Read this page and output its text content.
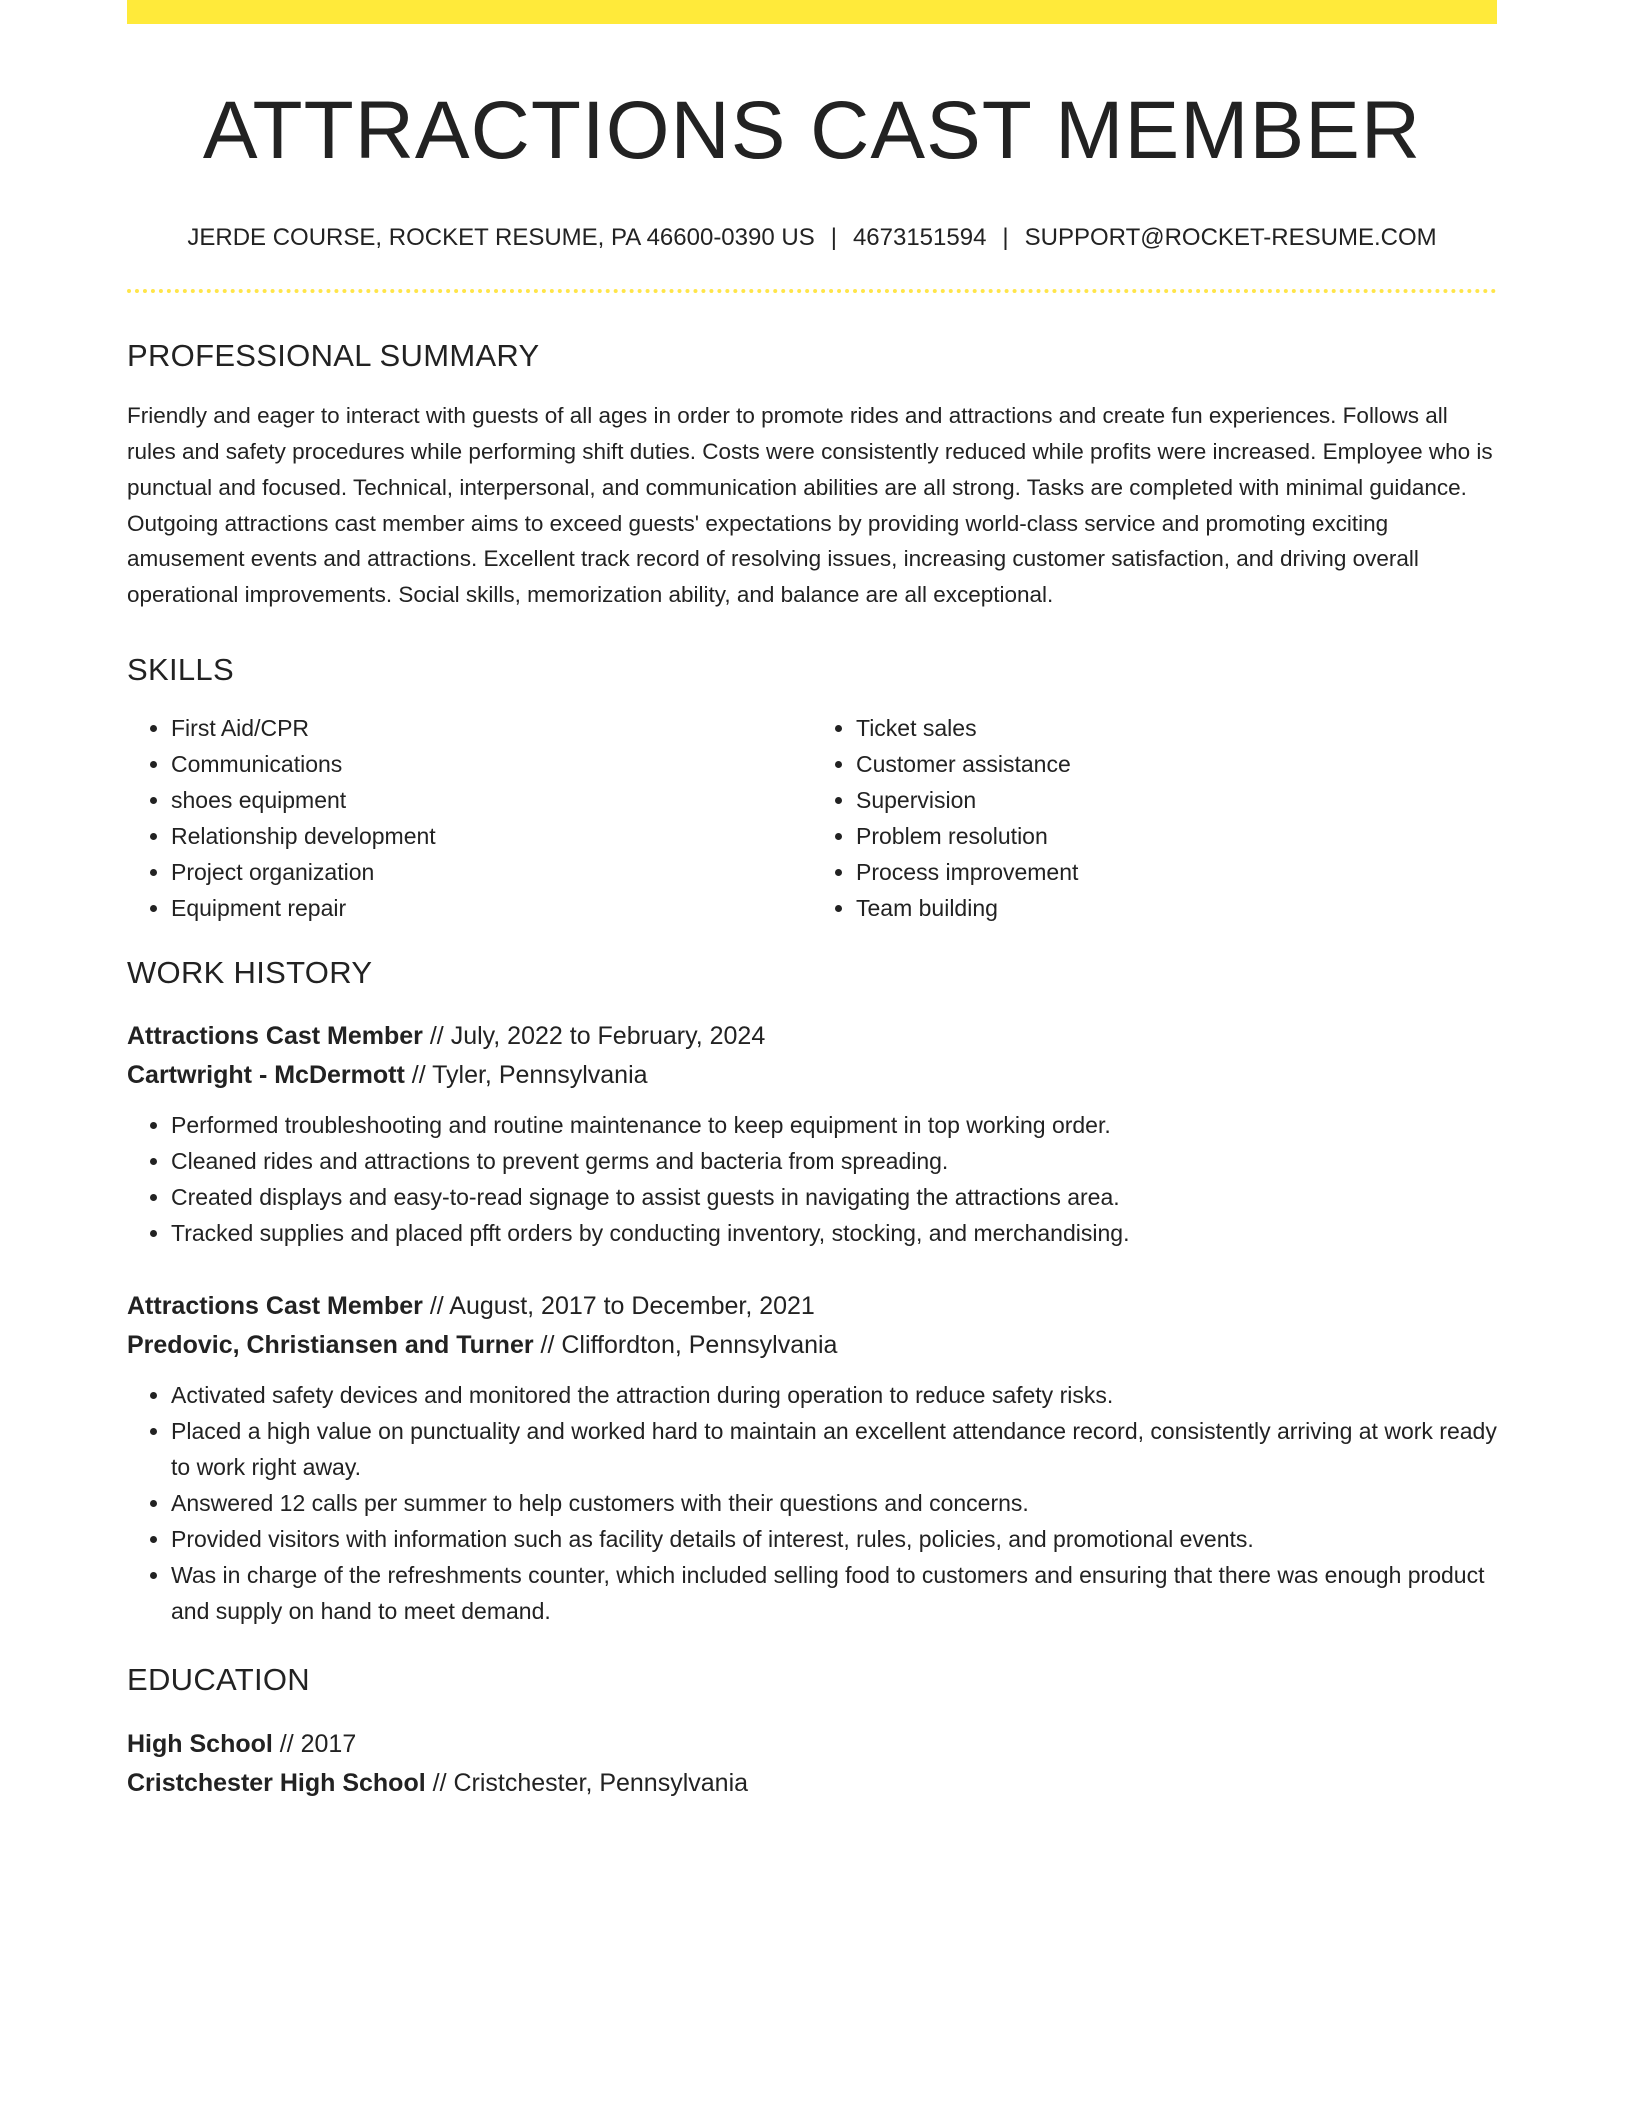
ATTRACTIONS CAST MEMBER
JERDE COURSE, ROCKET RESUME, PA 46600-0390 US | 4673151594 | SUPPORT@ROCKET-RESUME.COM
PROFESSIONAL SUMMARY

Friendly and eager to interact with guests of all ages in order to promote rides and attractions and create fun experiences. Follows all rules and safety procedures while performing shift duties. Costs were consistently reduced while profits were increased. Employee who is punctual and focused. Technical, interpersonal, and communication abilities are all strong. Tasks are completed with minimal guidance. Outgoing attractions cast member aims to exceed guests' expectations by providing world-class service and promoting exciting amusement events and attractions. Excellent track record of resolving issues, increasing customer satisfaction, and driving overall operational improvements. Social skills, memorization ability, and balance are all exceptional.

SKILLS
• First Aid/CPR
• Communications
• shoes equipment
• Relationship development
• Project organization
• Equipment repair
• Ticket sales
• Customer assistance
• Supervision
• Problem resolution
• Process improvement
• Team building
WORK HISTORY
Attractions Cast Member // July, 2022 to February, 2024
Cartwright - McDermott // Tyler, Pennsylvania
• Performed troubleshooting and routine maintenance to keep equipment in top working order.
• Cleaned rides and attractions to prevent germs and bacteria from spreading.
• Created displays and easy-to-read signage to assist guests in navigating the attractions area.
• Tracked supplies and placed pfft orders by conducting inventory, stocking, and merchandising.
Attractions Cast Member // August, 2017 to December, 2021
Predovic, Christiansen and Turner // Cliffordton, Pennsylvania
• Activated safety devices and monitored the attraction during operation to reduce safety risks.
• Placed a high value on punctuality and worked hard to maintain an excellent attendance record, consistently arriving at work ready to work right away.
• Answered 12 calls per summer to help customers with their questions and concerns.
• Provided visitors with information such as facility details of interest, rules, policies, and promotional events.
• Was in charge of the refreshments counter, which included selling food to customers and ensuring that there was enough product and supply on hand to meet demand.
EDUCATION
High School // 2017
Cristchester High School // Cristchester, Pennsylvania
